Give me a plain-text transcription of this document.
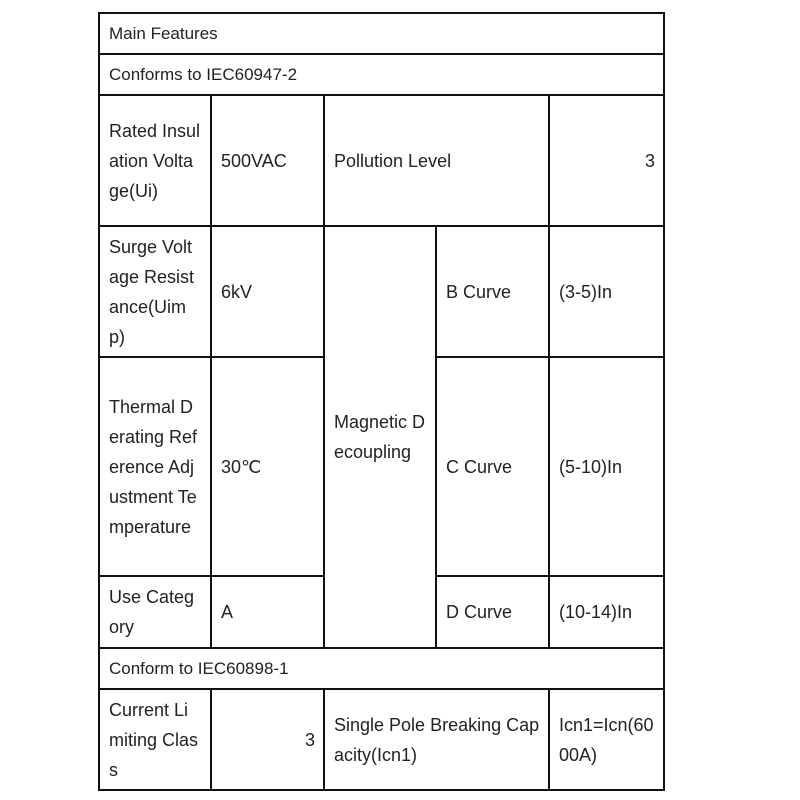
Main Features				
Conforms to IEC60947-2				
Rated Insulation Voltage(Ui)	500VAC	Pollution Level		3
Surge Voltage Resistance(Uimp)	6kV	Magnetic Decoupling	B Curve	(3-5)In
Thermal Derating Reference Adjustment Temperature	30℃		C Curve	(5-10)In
Use Category	A		D Curve	(10-14)In
Conform to IEC60898-1				
Current Limiting Class	3	Single Pole Breaking Capacity(Icn1)		Icn1=Icn(6000A)
